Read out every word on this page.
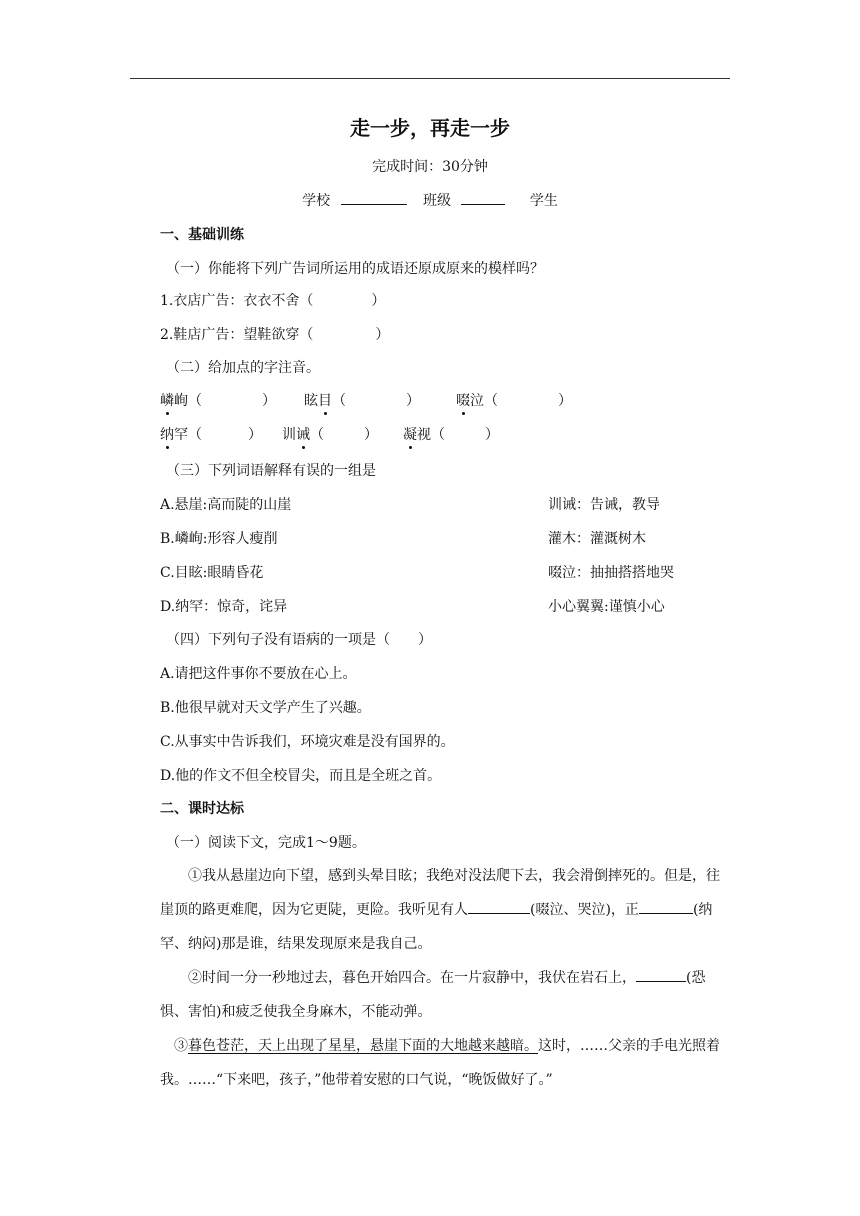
走一步，再走一步
完成时间：30分钟
学校	班级	学生
一、基础训练
（一）你能将下列广告词所运用的成语还原成原来的模样吗？
1.衣店广告：衣衣不舍（	）
2.鞋店广告：望鞋欲穿（	）
（二）给加点的字注音。
嶙峋（	） 眩目（	）	啜泣（	）
纳罕（	） 训诫（	） 凝视（	）
（三）下列词语解释有误的一组是
A.悬崖:高而陡的山崖	训诫：告诫，教导
B.嶙峋:形容人瘦削	灌木：灌溉树木
C.目眩:眼睛昏花	啜泣：抽抽搭搭地哭
D.纳罕：惊奇，诧异	小心翼翼:谨慎小心
（四）下列句子没有语病的一项是（　　）
A.请把这件事你不要放在心上。
B.他很早就对天文学产生了兴趣。
C.从事实中告诉我们，环境灾难是没有国界的。
D.他的作文不但全校冒尖，而且是全班之首。
二、课时达标
（一）阅读下文，完成1～9题。
①我从悬崖边向下望，感到头晕目眩；我绝对没法爬下去，我会滑倒摔死的。但是，往崖顶的路更难爬，因为它更陡，更险。我听见有人	(啜泣、哭泣)，正	(纳罕、纳闷)那是谁，结果发现原来是我自己。
②时间一分一秒地过去，暮色开始四合。在一片寂静中，我伏在岩石上，	(恐惧、害怕)和疲乏使我全身麻木，不能动弹。
③暮色苍茫，天上出现了星星，悬崖下面的大地越来越暗。这时，……父亲的手电光照着我。……“下来吧，孩子，”他带着安慰的口气说，“晚饭做好了。”
